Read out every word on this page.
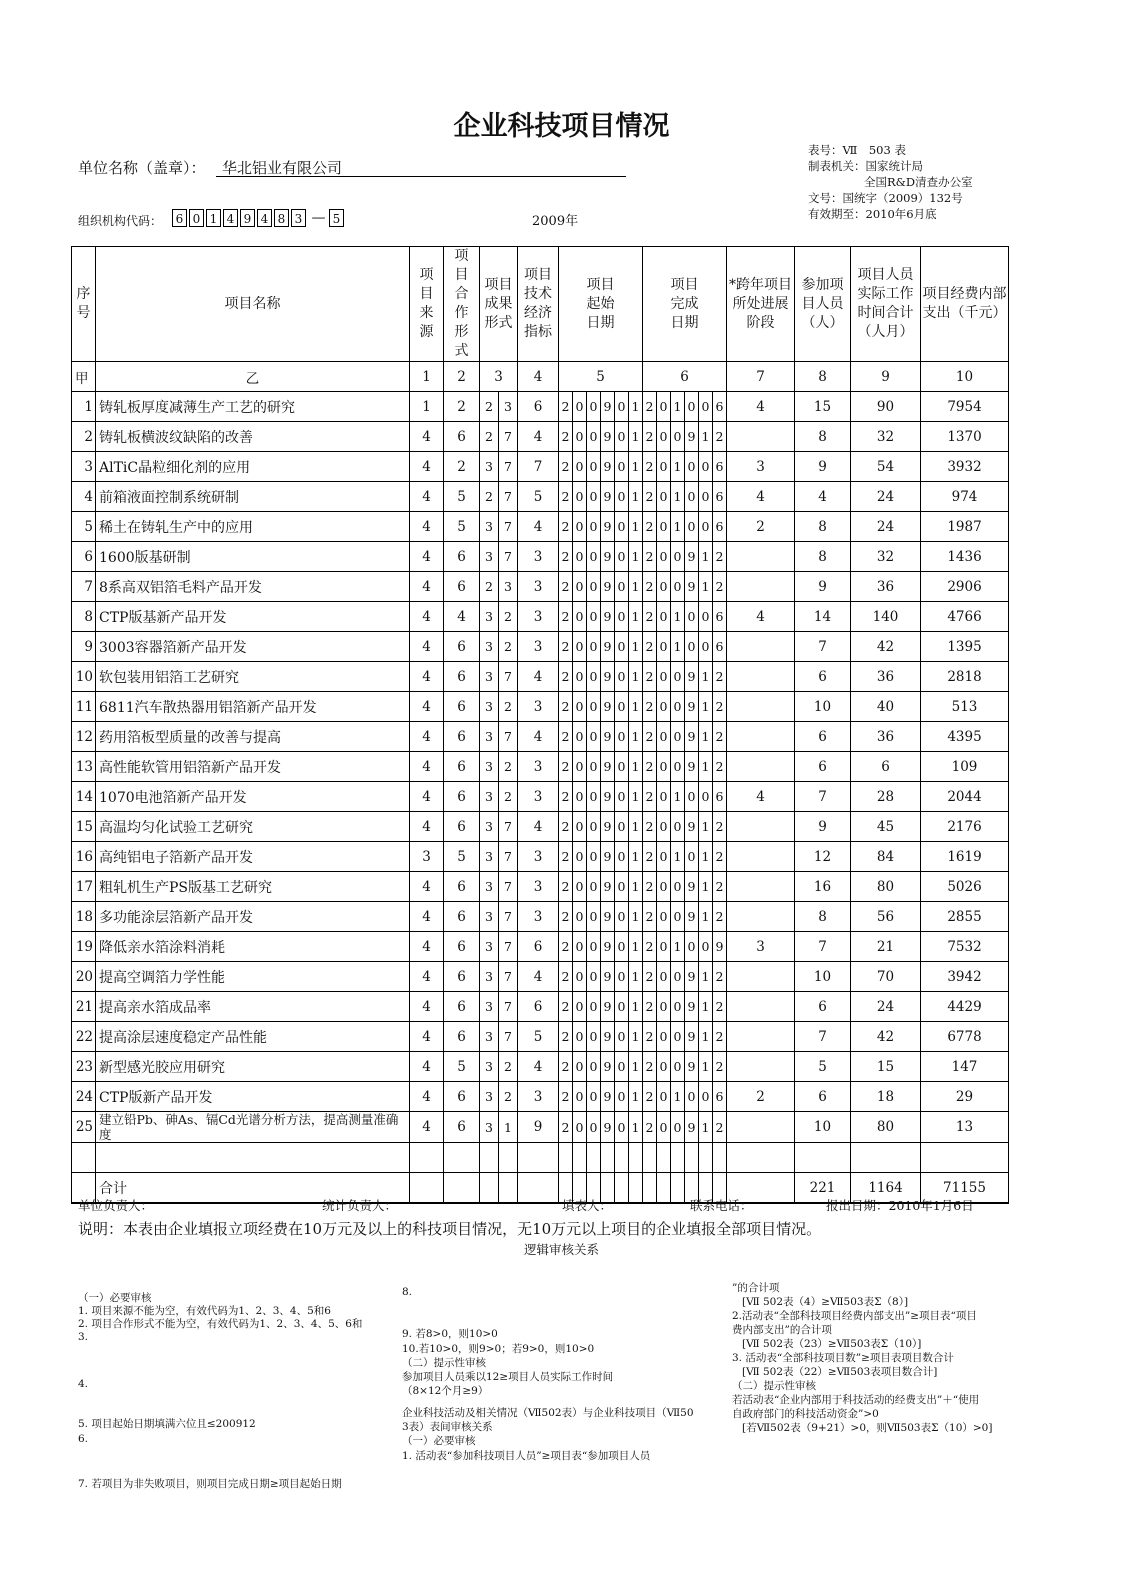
企业科技项目情况
单位名称（盖章）： 华北铝业有限公司
表号：Ⅶ　503 表
制表机关：国家统计局
全国R&D清查办公室
文号：国统字（2009）132号
有效期至：2010年6月底
组织机构代码：	6 0 1 4 9 4 8 3 — 5	2009年
序号	项目名称	项目来源	项目合作形式	项目成果形式		项目技术经济指标	项目起始日期						项目完成日期						*跨年项目所处进展阶段	参加项目人员（人）	项目人员实际工作时间合计（人月）	项目经费内部支出（千元）
甲	乙	1	2	3		4	5						6						7	8	9	10
1	铸轧板厚度减薄生产工艺的研究	1	2	2	3	6	2	0	0	9	0	1	2	0	1	0	0	6	4	15	90	7954
2	铸轧板横波纹缺陷的改善	4	6	2	7	4	2	0	0	9	0	1	2	0	0	9	1	2		8	32	1370
3	AlTiC晶粒细化剂的应用	4	2	3	7	7	2	0	0	9	0	1	2	0	1	0	0	6	3	9	54	3932
4	前箱液面控制系统研制	4	5	2	7	5	2	0	0	9	0	1	2	0	1	0	0	6	4	4	24	974
5	稀土在铸轧生产中的应用	4	5	3	7	4	2	0	0	9	0	1	2	0	1	0	0	6	2	8	24	1987
6	1600版基研制	4	6	3	7	3	2	0	0	9	0	1	2	0	0	9	1	2		8	32	1436
7	8系高双铝箔毛料产品开发	4	6	2	3	3	2	0	0	9	0	1	2	0	0	9	1	2		9	36	2906
8	CTP版基新产品开发	4	4	3	2	3	2	0	0	9	0	1	2	0	1	0	0	6	4	14	140	4766
9	3003容器箔新产品开发	4	6	3	2	3	2	0	0	9	0	1	2	0	1	0	0	6		7	42	1395
10	软包装用铝箔工艺研究	4	6	3	7	4	2	0	0	9	0	1	2	0	0	9	1	2		6	36	2818
11	6811汽车散热器用铝箔新产品开发	4	6	3	2	3	2	0	0	9	0	1	2	0	0	9	1	2		10	40	513
12	药用箔板型质量的改善与提高	4	6	3	7	4	2	0	0	9	0	1	2	0	0	9	1	2		6	36	4395
13	高性能软管用铝箔新产品开发	4	6	3	2	3	2	0	0	9	0	1	2	0	0	9	1	2		6	6	109
14	1070电池箔新产品开发	4	6	3	2	3	2	0	0	9	0	1	2	0	1	0	0	6	4	7	28	2044
15	高温均匀化试验工艺研究	4	6	3	7	4	2	0	0	9	0	1	2	0	0	9	1	2		9	45	2176
16	高纯铝电子箔新产品开发	3	5	3	7	3	2	0	0	9	0	1	2	0	1	0	1	2		12	84	1619
17	粗轧机生产PS版基工艺研究	4	6	3	7	3	2	0	0	9	0	1	2	0	0	9	1	2		16	80	5026
18	多功能涂层箔新产品开发	4	6	3	7	3	2	0	0	9	0	1	2	0	0	9	1	2		8	56	2855
19	降低亲水箔涂料消耗	4	6	3	7	6	2	0	0	9	0	1	2	0	1	0	0	9	3	7	21	7532
20	提高空调箔力学性能	4	6	3	7	4	2	0	0	9	0	1	2	0	0	9	1	2		10	70	3942
21	提高亲水箔成品率	4	6	3	7	6	2	0	0	9	0	1	2	0	0	9	1	2		6	24	4429
22	提高涂层速度稳定产品性能	4	6	3	7	5	2	0	0	9	0	1	2	0	0	9	1	2		7	42	6778
23	新型感光胶应用研究	4	5	3	2	4	2	0	0	9	0	1	2	0	0	9	1	2		5	15	147
24	CTP版新产品开发	4	6	3	2	3	2	0	0	9	0	1	2	0	1	0	0	6	2	6	18	29
25	建立铅Pb、砷As、镉Cd光谱分析方法，提高测量准确度	4	6	3	1	9	2	0	0	9	0	1	2	0	0	9	1	2		10	80	13

	合计																			221	1164	71155
单位负责人：	统计负责人：	填表人：	联系电话：	报出日期：2010年1月6日
说明：本表由企业填报立项经费在10万元及以上的科技项目情况，无10万元以上项目的企业填报全部项目情况。
逻辑审核关系
（一）必要审核
1. 项目来源不能为空，有效代码为1、2、3、4、5和6
2. 项目合作形式不能为空，有效代码为1、2、3、4、5、6和
3.
4.
5. 项目起始日期填满六位且≤200912
6.
7. 若项目为非失败项目，则项目完成日期≥项目起始日期
8.
9. 若8>0，则10>0
10.若10>0，则9>0；若9>0，则10>0
（二）提示性审核
参加项目人员乘以12≥项目人员实际工作时间
（8×12个月≥9）
企业科技活动及相关情况（Ⅶ502表）与企业科技项目（Ⅶ50
3表）表间审核关系
（一）必要审核
1. 活动表“参加科技项目人员”≥项目表“参加项目人员
”的合计项
[Ⅶ 502表（4）≥Ⅶ503表Σ（8）]
2.活动表“全部科技项目经费内部支出”≥项目表“项目
费内部支出”的合计项
[Ⅶ 502表（23）≥Ⅶ503表Σ（10）]
3. 活动表“全部科技项目数”≥项目表项目数合计
[Ⅶ 502表（22）≥Ⅶ503表项目数合计]
（二）提示性审核
若活动表“企业内部用于科技活动的经费支出”＋“使用
自政府部门的科技活动资金”>0
[若Ⅶ502表（9+21）>0，则Ⅶ503表Σ（10）>0]
